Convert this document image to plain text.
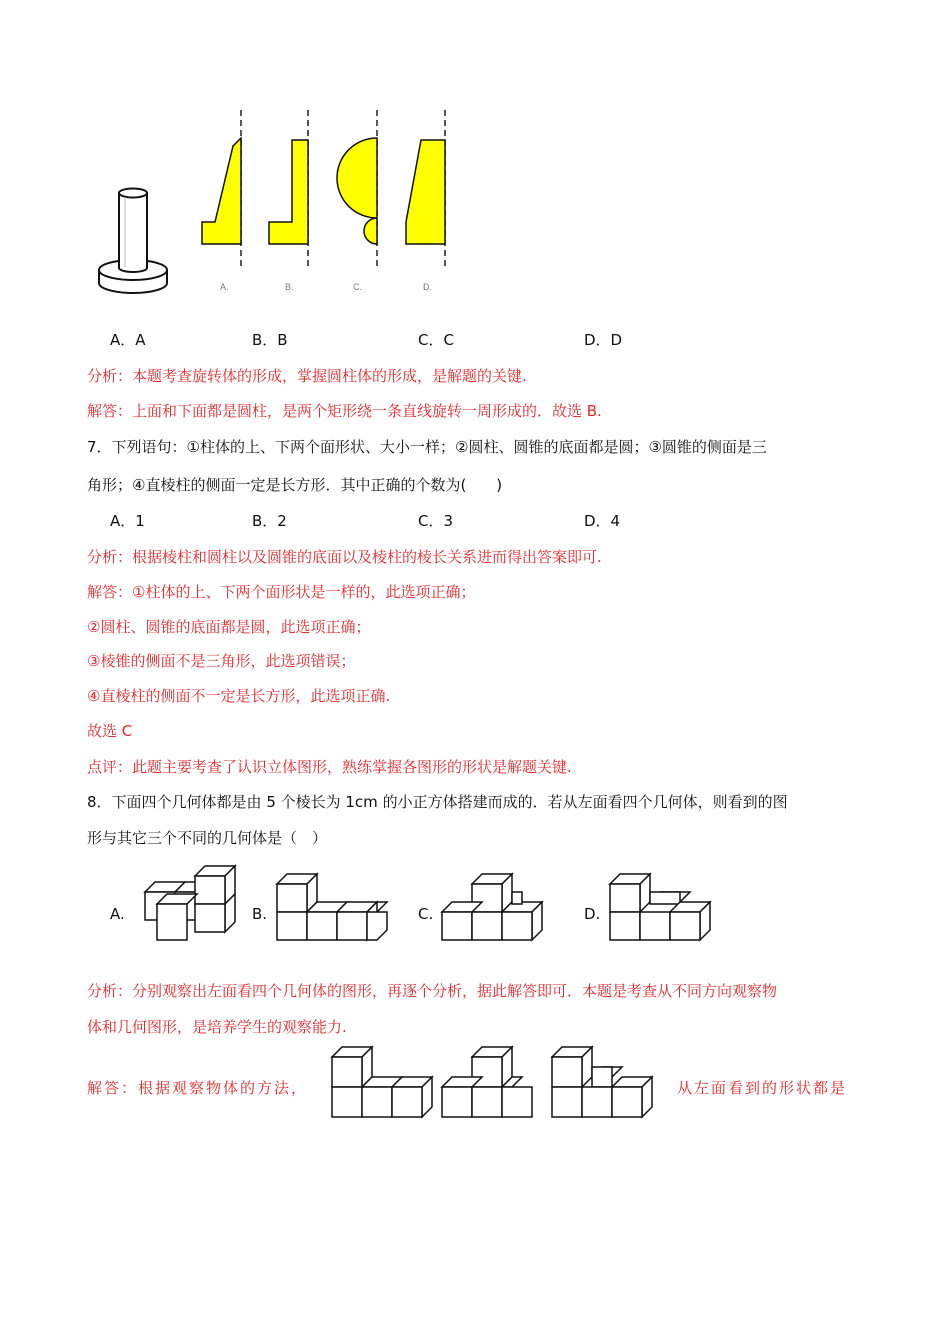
A.	B.	C.	D.
A．A	B．B	C．C	D．D
分析：本题考查旋转体的形成，掌握圆柱体的形成，是解题的关键.
解答：上面和下面都是圆柱，是两个矩形绕一条直线旋转一周形成的．故选 B.
7．下列语句：①柱体的上、下两个面形状、大小一样；②圆柱、圆锥的底面都是圆；③圆锥的侧面是三
角形；④直棱柱的侧面一定是长方形．其中正确的个数为(　　)
A．1	B．2	C．3	D．4
分析：根据棱柱和圆柱以及圆锥的底面以及棱柱的棱长关系进而得出答案即可.
解答：①柱体的上、下两个面形状是一样的，此选项正确；
②圆柱、圆锥的底面都是圆，此选项正确；
③棱锥的侧面不是三角形，此选项错误；
④直棱柱的侧面不一定是长方形，此选项正确.
故选 C
点评：此题主要考查了认识立体图形，熟练掌握各图形的形状是解题关键.
8．下面四个几何体都是由 5 个棱长为 1cm 的小正方体搭建而成的．若从左面看四个几何体，则看到的图
形与其它三个不同的几何体是（　）
A.	B.	C.	D.
分析：分别观察出左面看四个几何体的图形，再逐个分析，据此解答即可．本题是考查从不同方向观察物
体和几何图形，是培养学生的观察能力.
解答：根据观察物体的方法，	从左面看到的形状都是
